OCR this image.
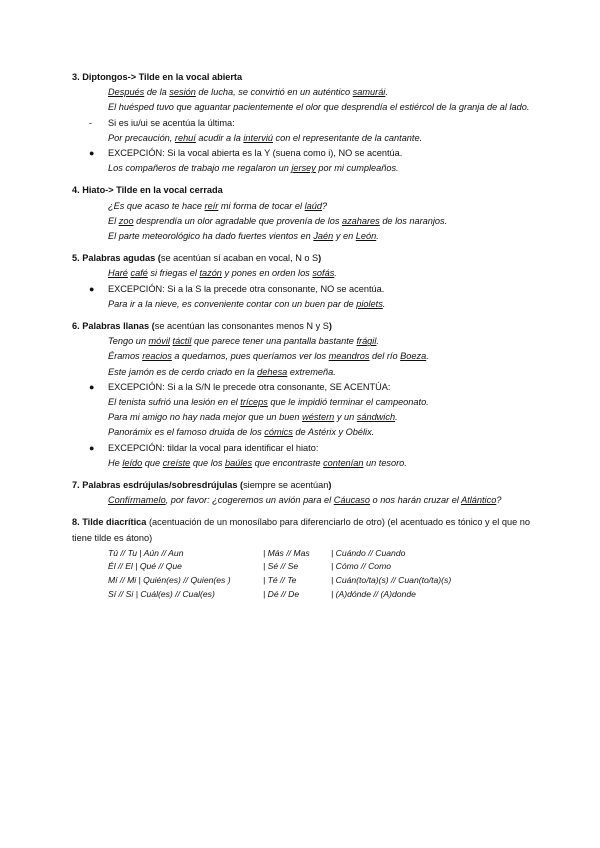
3. Diptongos-> Tilde en la vocal abierta
Después de la sesión de lucha, se convirtió en un auténtico samurái.
El huésped tuvo que aguantar pacientemente el olor que desprendía el estiércol de la granja de al lado.
- Si es iu/ui se acentúa la última:
Por precaución, rehuí acudir a la interviú con el representante de la cantante.
● EXCEPCIÓN: Si la vocal abierta es la Y (suena como i), NO se acentúa.
Los compañeros de trabajo me regalaron un jersey por mi cumpleaños.
4. Hiato-> Tilde en la vocal cerrada
¿Es que acaso te hace reír mi forma de tocar el laúd?
El zoo desprendía un olor agradable que provenía de los azahares de los naranjos.
El parte meteorológico ha dado fuertes vientos en Jaén y en León.
5. Palabras agudas (se acentúan sí acaban en vocal, N o S)
Haré café si friegas el tazón y pones en orden los sofás.
● EXCEPCIÓN: Si a la S la precede otra consonante, NO se acentúa.
Para ir a la nieve, es conveniente contar con un buen par de piolets.
6. Palabras llanas (se acentúan las consonantes menos N y S)
Tengo un móvil táctil que parece tener una pantalla bastante frágil.
Éramos reacios a quedarnos, pues queríamos ver los meandros del río Boeza.
Este jamón es de cerdo criado en la dehesa extremeña.
● EXCEPCIÓN: Si a la S/N le precede otra consonante, SE ACENTÚA:
El tenista sufrió una lesión en el tríceps que le impidió terminar el campeonato.
Para mi amigo no hay nada mejor que un buen wéstern y un sándwich.
Panorámix es el famoso druida de los cómics de Astérix y Obélix.
● EXCEPCIÓN: tildar la vocal para identificar el hiato:
He leído que creíste que los baúles que encontraste contenían un tesoro.
7. Palabras esdrújulas/sobresdrújulas (siempre se acentúan)
Confírmamelo, por favor: ¿cogeremos un avión para el Cáucaso o nos harán cruzar el Atlántico?
8. Tilde diacrítica (acentuación de un monosílabo para diferenciarlo de otro) (el acentuado es tónico y el que no tiene tilde es átono)
Tú // Tu | Aún // Aun	| Más // Mas	| Cuándo // Cuando
Él // El | Qué // Que	| Sé // Se	| Cómo // Como
Mí // Mi | Quién(es) // Quien(es )	| Té // Te	| Cuán(to/ta)(s) // Cuan(to/ta)(s)
Sí // Si | Cuál(es) // Cual(es)	| Dé // De	| (A)dónde // (A)donde
